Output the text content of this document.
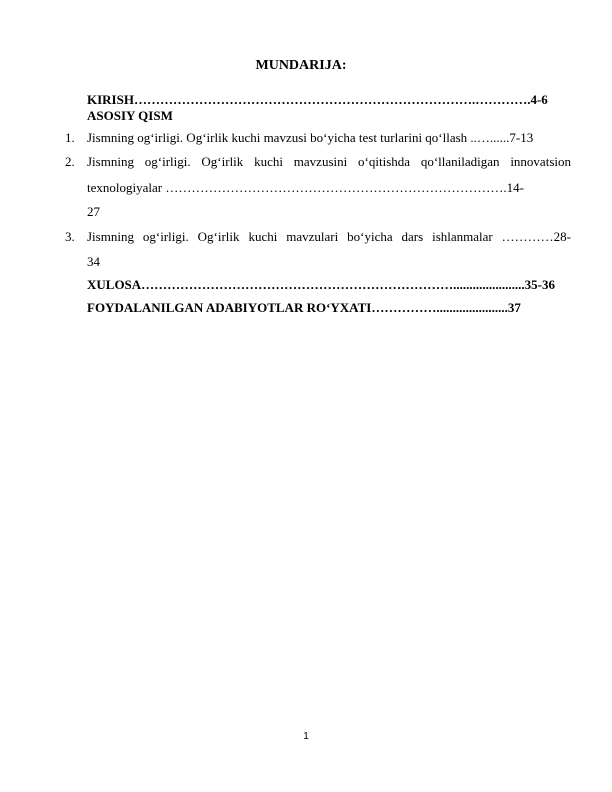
MUNDARIJA:
KIRISH…………………………………………………………………….………….4-6
ASOSIY QISM
1. Jismning og‘irligi. Og‘irlik kuchi mavzusi bo‘yicha test turlarini qo‘llash ..…......7-13
2. Jismning og‘irligi. Og‘irlik kuchi mavzusini o‘qitishda qo‘llaniladigan innovatsion
texnologiyalar …………………………………………………………………….14-
27
3. Jismning og‘irligi. Og‘irlik kuchi mavzulari bo‘yicha dars ishlanmalar …………28-
34
XULOSA………………………………………………………………......................35-36
FOYDALANILGAN ADABIYOTLAR RO‘YXATI……………......................37
1
